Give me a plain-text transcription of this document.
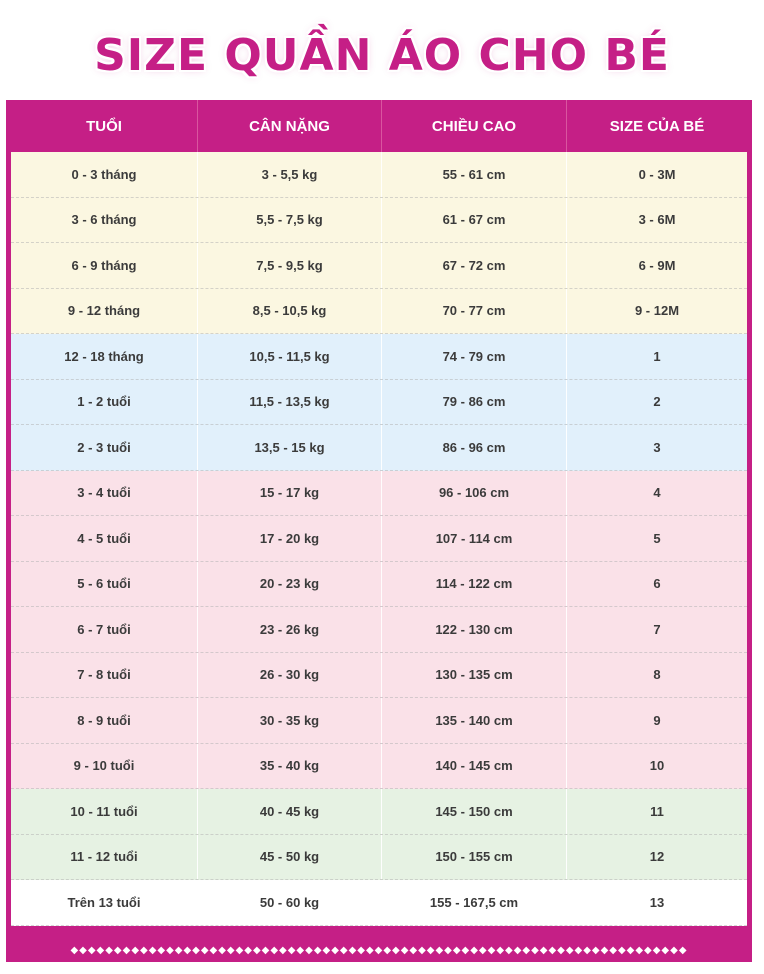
SIZE QUẦN ÁO CHO BÉ
TUỔI	CÂN NẶNG	CHIỀU CAO	SIZE CỦA BÉ
0 - 3 tháng	3 - 5,5 kg	55 - 61 cm	0 - 3M
3 - 6 tháng	5,5 - 7,5 kg	61 - 67 cm	3 - 6M
6 - 9 tháng	7,5 - 9,5 kg	67 - 72 cm	6 - 9M
9 - 12 tháng	8,5 - 10,5 kg	70 - 77 cm	9 - 12M
12 - 18 tháng	10,5 - 11,5 kg	74 - 79 cm	1
1 - 2 tuổi	11,5 - 13,5 kg	79 - 86 cm	2
2 - 3 tuổi	13,5 - 15 kg	86 - 96 cm	3
3 - 4 tuổi	15 - 17 kg	96 - 106 cm	4
4 - 5 tuổi	17 - 20 kg	107 - 114 cm	5
5 - 6 tuổi	20 - 23 kg	114 - 122 cm	6
6 - 7 tuổi	23 - 26 kg	122 - 130 cm	7
7 - 8 tuổi	26 - 30 kg	130 - 135 cm	8
8 - 9 tuổi	30 - 35 kg	135 - 140 cm	9
9 - 10 tuổi	35 - 40 kg	140 - 145 cm	10
10 - 11 tuổi	40 - 45 kg	145 - 150 cm	11
11 - 12 tuổi	45 - 50 kg	150 - 155 cm	12
Trên 13 tuổi	50 - 60 kg	155 - 167,5 cm	13
◆◆◆◆◆◆◆◆◆◆◆◆◆◆◆◆◆◆◆◆◆◆◆◆◆◆◆◆◆◆◆◆◆◆◆◆◆◆◆◆◆◆◆◆◆◆◆◆◆◆◆◆◆◆◆◆◆◆◆◆◆◆◆◆◆◆◆◆◆◆◆
